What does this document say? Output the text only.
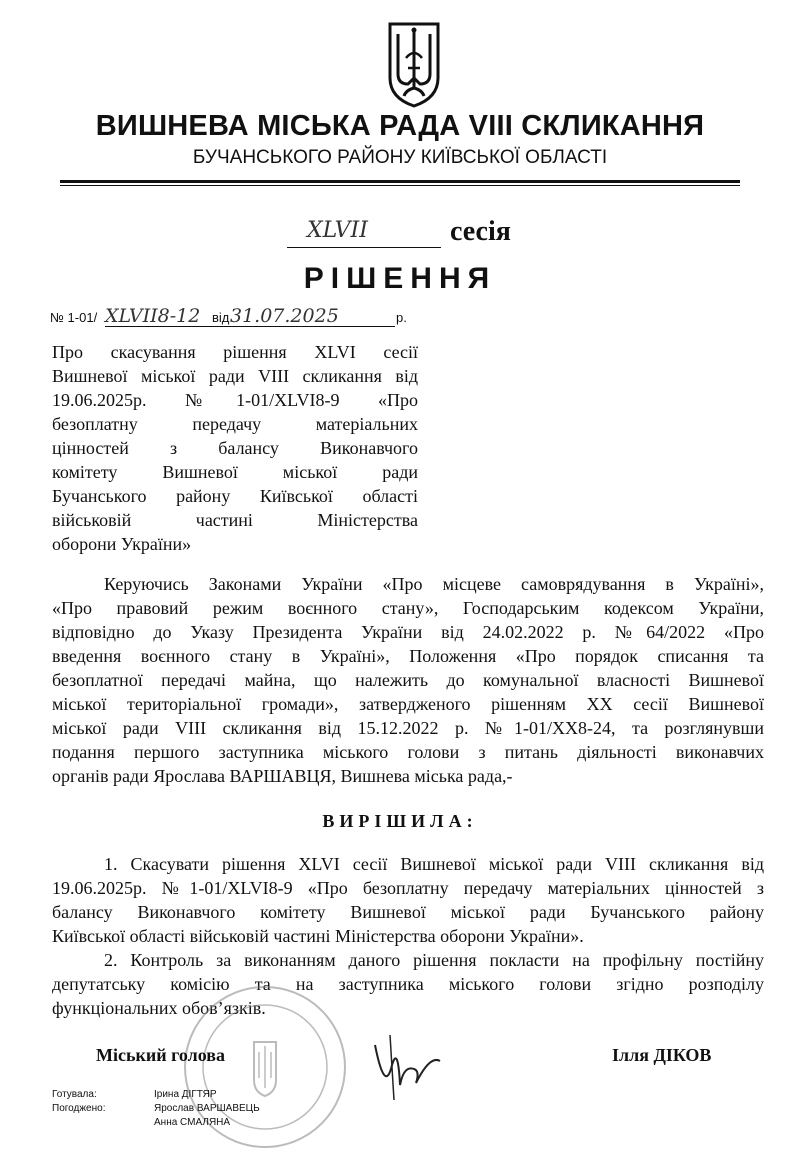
ВИШНЕВА МІСЬКА РАДА VIII СКЛИКАННЯ
БУЧАНСЬКОГО РАЙОНУ КИЇВСЬКОЇ ОБЛАСТІ
XLVII	сесія
РІШЕННЯ
№ 1-01/ XLVII8-12 від 31.07.2025	р.
Про скасування рішення XLVI сесії
Вишневої міської ради VIII скликання від
19.06.2025р. №1-01/XLVI8-9 «Про
безоплатну передачу матеріальних
цінностей з балансу Виконавчого
комітету Вишневої міської ради
Бучанського району Київської області
військовій частині Міністерства
оборони України»
Керуючись Законами України «Про місцеве самоврядування в Україні»,
«Про правовий режим воєнного стану», Господарським кодексом України,
відповідно до Указу Президента України від 24.02.2022 р. №64/2022 «Про
введення воєнного стану в Україні», Положення «Про порядок списання та
безоплатної передачі майна, що належить до комунальної власності Вишневої
міської територіальної громади», затвердженого рішенням XX сесії Вишневої
міської ради VIII скликання від 15.12.2022 р. №1-01/XX8-24, та розглянувши
подання першого заступника міського голови з питань діяльності виконавчих
органів ради Ярослава ВАРШАВЦЯ, Вишнева міська рада,-
ВИРІШИЛА:
1. Скасувати рішення XLVI сесії Вишневої міської ради VIII скликання від
19.06.2025р. №1-01/XLVI8-9 «Про безоплатну передачу матеріальних цінностей з
балансу Виконавчого комітету Вишневої міської ради Бучанського району
Київської області військовій частині Міністерства оборони України».
2. Контроль за виконанням даного рішення покласти на профільну постійну
депутатську комісію та на заступника міського голови згідно розподілу
функціональних обов’язків.
Міський голова	Ілля ДІКОВ
Готувала:	Ірина ДІГТЯР
Погоджено:	Ярослав ВАРШАВЕЦЬ
Анна СМАЛЯНА
